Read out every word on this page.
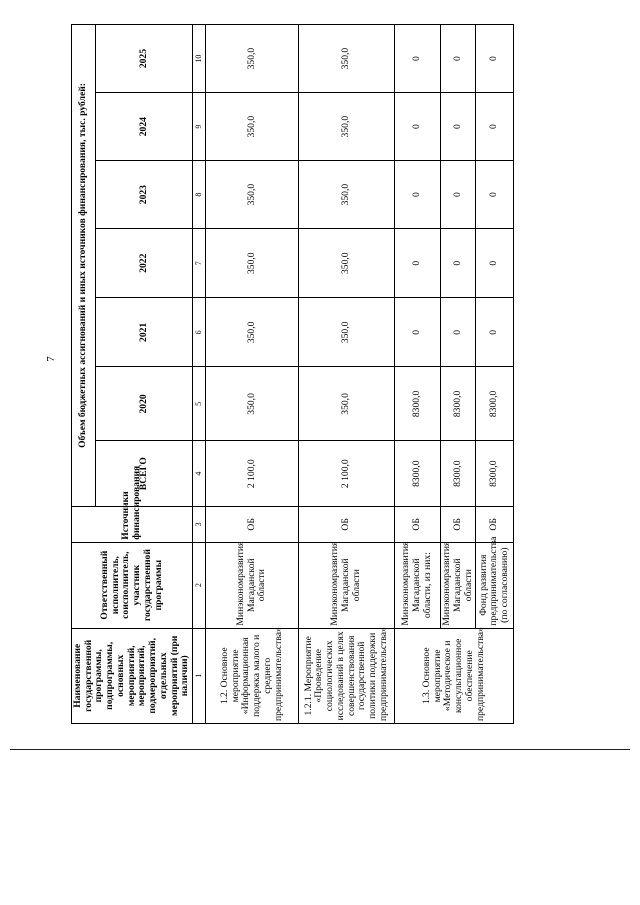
7
Наименование государственной программы, подпрограммы, основных мероприятий, мероприятий, подмероприятий, отдельных мероприятий (при наличии)	Ответственный исполнитель, соисполнитель, участник государственной программы	Источники финансирования	Объем бюджетных ассигнований и иных источников финансирования, тыс. рублей:						
			ВСЕГО	2020	2021	2022	2023	2024	2025
1	2	3	4	5	6	7	8	9	10
1.2. Основное мероприятие «Информационная поддержка малого и среднего предпринимательства»	Минэкономразвития Магаданской области	ОБ	2 100,0	350,0	350,0	350,0	350,0	350,0	350,0
1.2.1. Мероприятие «Проведение социологических исследований в целях совершенствования государственной политики поддержки предпринимательства»	Минэкономразвития Магаданской области	ОБ	2 100,0	350,0	350,0	350,0	350,0	350,0	350,0
1.3. Основное мероприятие «Методическое и консультационное обеспечение предпринимательства»	Минэкономразвития Магаданской области, из них:	ОБ	8300,0	8300,0	0	0	0	0	0
	Минэкономразвития Магаданской области	ОБ	8300,0	8300,0	0	0	0	0	0
	Фонд развития предпринимательства (по согласованию)	ОБ	8300,0	8300,0	0	0	0	0	0
